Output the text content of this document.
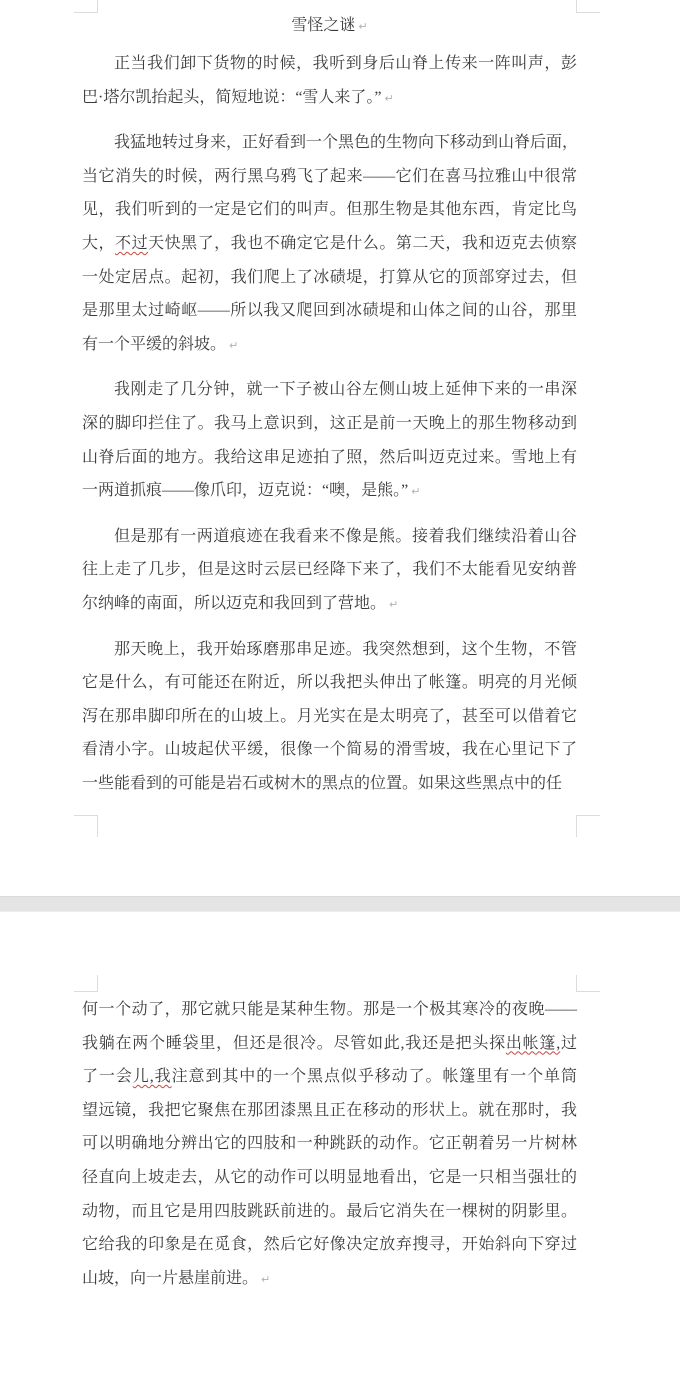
雪怪之谜 ↵
正当我们卸下货物的时候，我听到身后山脊上传来一阵叫声，彭
巴·塔尔凯抬起头，简短地说：“雪人来了。” ↵
我猛地转过身来，正好看到一个黑色的生物向下移动到山脊后面，
当它消失的时候，两行黑乌鸦飞了起来——它们在喜马拉雅山中很常
见，我们听到的一定是它们的叫声。但那生物是其他东西，肯定比鸟
大，不过天快黑了，我也不确定它是什么。第二天，我和迈克去侦察
一处定居点。起初，我们爬上了冰碛堤，打算从它的顶部穿过去，但
是那里太过崎岖——所以我又爬回到冰碛堤和山体之间的山谷，那里
有一个平缓的斜坡。 ↵
我刚走了几分钟，就一下子被山谷左侧山坡上延伸下来的一串深
深的脚印拦住了。我马上意识到，这正是前一天晚上的那生物移动到
山脊后面的地方。我给这串足迹拍了照，然后叫迈克过来。雪地上有
一两道抓痕——像爪印，迈克说：“噢，是熊。” ↵
但是那有一两道痕迹在我看来不像是熊。接着我们继续沿着山谷
往上走了几步，但是这时云层已经降下来了，我们不太能看见安纳普
尔纳峰的南面，所以迈克和我回到了营地。 ↵
那天晚上，我开始琢磨那串足迹。我突然想到，这个生物，不管
它是什么，有可能还在附近，所以我把头伸出了帐篷。明亮的月光倾
泻在那串脚印所在的山坡上。月光实在是太明亮了，甚至可以借着它
看清小字。山坡起伏平缓，很像一个简易的滑雪坡，我在心里记下了
一些能看到的可能是岩石或树木的黑点的位置。如果这些黑点中的任
何一个动了，那它就只能是某种生物。那是一个极其寒冷的夜晚——
我躺在两个睡袋里，但还是很冷。尽管如此,我还是把头探出帐篷,过
了一会儿,我注意到其中的一个黑点似乎移动了。帐篷里有一个单筒
望远镜，我把它聚焦在那团漆黑且正在移动的形状上。就在那时，我
可以明确地分辨出它的四肢和一种跳跃的动作。它正朝着另一片树林
径直向上坡走去，从它的动作可以明显地看出，它是一只相当强壮的
动物，而且它是用四肢跳跃前进的。最后它消失在一棵树的阴影里。
它给我的印象是在觅食，然后它好像决定放弃搜寻，开始斜向下穿过
山坡，向一片悬崖前进。 ↵
